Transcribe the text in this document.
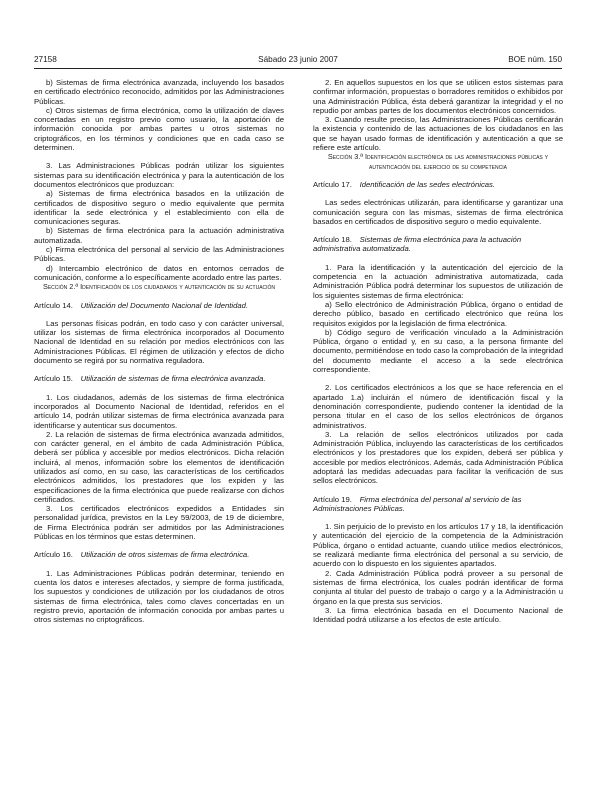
27158	Sábado 23 junio 2007	BOE núm. 150

b) Sistemas de firma electrónica avanzada, incluyendo los basados en certificado electrónico reconocido, admitidos por las Administraciones Públicas.

c) Otros sistemas de firma electrónica, como la utilización de claves concertadas en un registro previo como usuario, la aportación de información conocida por ambas partes u otros sistemas no criptográficos, en los términos y condiciones que en cada caso se determinen.

3. Las Administraciones Públicas podrán utilizar los siguientes sistemas para su identificación electrónica y para la autenticación de los documentos electrónicos que produzcan:

a) Sistemas de firma electrónica basados en la utilización de certificados de dispositivo seguro o medio equivalente que permita identificar la sede electrónica y el establecimiento con ella de comunicaciones seguras.

b) Sistemas de firma electrónica para la actuación administrativa automatizada.

c) Firma electrónica del personal al servicio de las Administraciones Públicas.

d) Intercambio electrónico de datos en entornos cerrados de comunicación, conforme a lo específicamente acordado entre las partes.

Sección 2.ª Identificación de los ciudadanos y autenticación de su actuación

Artículo 14.  Utilización del Documento Nacional de Identidad.

Las personas físicas podrán, en todo caso y con carácter universal, utilizar los sistemas de firma electrónica incorporados al Documento Nacional de Identidad en su relación por medios electrónicos con las Administraciones Públicas. El régimen de utilización y efectos de dicho documento se regirá por su normativa reguladora.

Artículo 15.  Utilización de sistemas de firma electrónica avanzada.

1. Los ciudadanos, además de los sistemas de firma electrónica incorporados al Documento Nacional de Identidad, referidos en el artículo 14, podrán utilizar sistemas de firma electrónica avanzada para identificarse y autenticar sus documentos.

2. La relación de sistemas de firma electrónica avanzada admitidos, con carácter general, en el ámbito de cada Administración Pública, deberá ser pública y accesible por medios electrónicos. Dicha relación incluirá, al menos, información sobre los elementos de identificación utilizados así como, en su caso, las características de los certificados electrónicos admitidos, los prestadores que los expiden y las especificaciones de la firma electrónica que puede realizarse con dichos certificados.

3. Los certificados electrónicos expedidos a Entidades sin personalidad jurídica, previstos en la Ley 59/2003, de 19 de diciembre, de Firma Electrónica podrán ser admitidos por las Administraciones Públicas en los términos que estas determinen.

Artículo 16.  Utilización de otros sistemas de firma electrónica.

1. Las Administraciones Públicas podrán determinar, teniendo en cuenta los datos e intereses afectados, y siempre de forma justificada, los supuestos y condiciones de utilización por los ciudadanos de otros sistemas de firma electrónica, tales como claves concertadas en un registro previo, aportación de información conocida por ambas partes u otros sistemas no criptográficos.

2. En aquellos supuestos en los que se utilicen estos sistemas para confirmar información, propuestas o borradores remitidos o exhibidos por una Administración Pública, ésta deberá garantizar la integridad y el no repudio por ambas partes de los documentos electrónicos concernidos.

3. Cuando resulte preciso, las Administraciones Públicas certificarán la existencia y contenido de las actuaciones de los ciudadanos en las que se hayan usado formas de identificación y autenticación a que se refiere este artículo.

Sección 3.ª Identificación electrónica de las administraciones públicas y autenticación del ejercicio de su competencia

Artículo 17.  Identificación de las sedes electrónicas.

Las sedes electrónicas utilizarán, para identificarse y garantizar una comunicación segura con las mismas, sistemas de firma electrónica basados en certificados de dispositivo seguro o medio equivalente.

Artículo 18.  Sistemas de firma electrónica para la actuación administrativa automatizada.

1. Para la identificación y la autenticación del ejercicio de la competencia en la actuación administrativa automatizada, cada Administración Pública podrá determinar los supuestos de utilización de los siguientes sistemas de firma electrónica:

a) Sello electrónico de Administración Pública, órgano o entidad de derecho público, basado en certificado electrónico que reúna los requisitos exigidos por la legislación de firma electrónica.

b) Código seguro de verificación vinculado a la Administración Pública, órgano o entidad y, en su caso, a la persona firmante del documento, permitiéndose en todo caso la comprobación de la integridad del documento mediante el acceso a la sede electrónica correspondiente.

2. Los certificados electrónicos a los que se hace referencia en el apartado 1.a) incluirán el número de identificación fiscal y la denominación correspondiente, pudiendo contener la identidad de la persona titular en el caso de los sellos electrónicos de órganos administrativos.

3. La relación de sellos electrónicos utilizados por cada Administración Pública, incluyendo las características de los certificados electrónicos y los prestadores que los expiden, deberá ser pública y accesible por medios electrónicos. Además, cada Administración Pública adoptará las medidas adecuadas para facilitar la verificación de sus sellos electrónicos.

Artículo 19.  Firma electrónica del personal al servicio de las Administraciones Públicas.

1. Sin perjuicio de lo previsto en los artículos 17 y 18, la identificación y autenticación del ejercicio de la competencia de la Administración Pública, órgano o entidad actuante, cuando utilice medios electrónicos, se realizará mediante firma electrónica del personal a su servicio, de acuerdo con lo dispuesto en los siguientes apartados.

2. Cada Administración Pública podrá proveer a su personal de sistemas de firma electrónica, los cuales podrán identificar de forma conjunta al titular del puesto de trabajo o cargo y a la Administración u órgano en la que presta sus servicios.

3. La firma electrónica basada en el Documento Nacional de Identidad podrá utilizarse a los efectos de este artículo.
